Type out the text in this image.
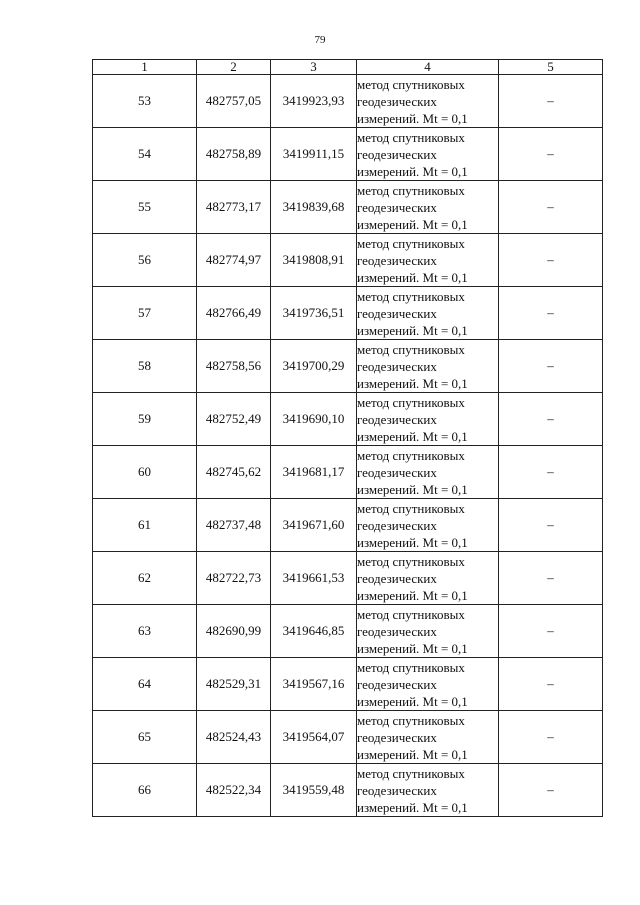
79
1	2	3	4	5
53	482757,05	3419923,93	метод спутниковых
геодезических
измерений. Mt = 0,1	–
54	482758,89	3419911,15	метод спутниковых
геодезических
измерений. Mt = 0,1	–
55	482773,17	3419839,68	метод спутниковых
геодезических
измерений. Mt = 0,1	–
56	482774,97	3419808,91	метод спутниковых
геодезических
измерений. Mt = 0,1	–
57	482766,49	3419736,51	метод спутниковых
геодезических
измерений. Mt = 0,1	–
58	482758,56	3419700,29	метод спутниковых
геодезических
измерений. Mt = 0,1	–
59	482752,49	3419690,10	метод спутниковых
геодезических
измерений. Mt = 0,1	–
60	482745,62	3419681,17	метод спутниковых
геодезических
измерений. Mt = 0,1	–
61	482737,48	3419671,60	метод спутниковых
геодезических
измерений. Mt = 0,1	–
62	482722,73	3419661,53	метод спутниковых
геодезических
измерений. Mt = 0,1	–
63	482690,99	3419646,85	метод спутниковых
геодезических
измерений. Mt = 0,1	–
64	482529,31	3419567,16	метод спутниковых
геодезических
измерений. Mt = 0,1	–
65	482524,43	3419564,07	метод спутниковых
геодезических
измерений. Mt = 0,1	–
66	482522,34	3419559,48	метод спутниковых
геодезических
измерений. Mt = 0,1	–
